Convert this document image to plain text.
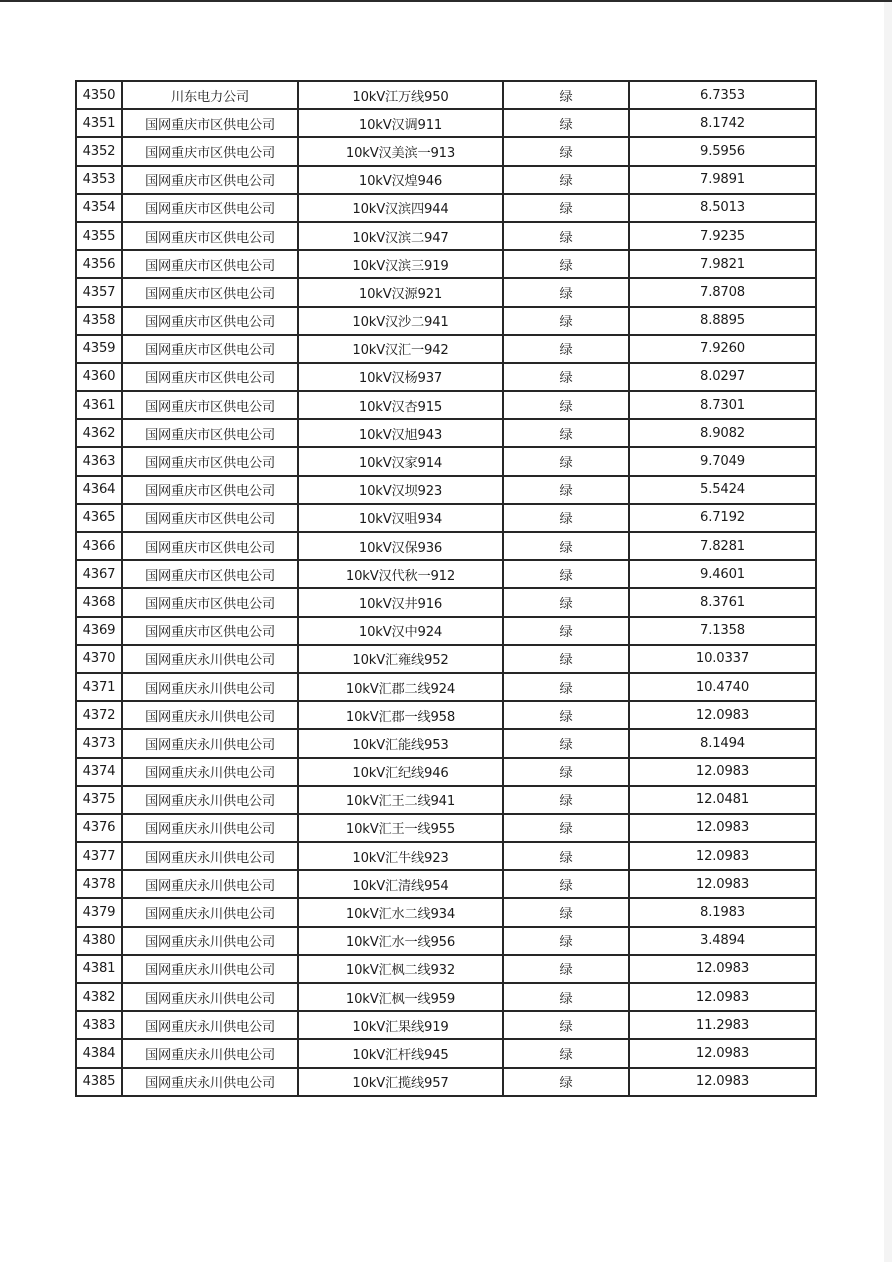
4350	川东电力公司	10kV江万线950	绿	6.7353
4351	国网重庆市区供电公司	10kV汉调911	绿	8.1742
4352	国网重庆市区供电公司	10kV汉美滨一913	绿	9.5956
4353	国网重庆市区供电公司	10kV汉煌946	绿	7.9891
4354	国网重庆市区供电公司	10kV汉滨四944	绿	8.5013
4355	国网重庆市区供电公司	10kV汉滨二947	绿	7.9235
4356	国网重庆市区供电公司	10kV汉滨三919	绿	7.9821
4357	国网重庆市区供电公司	10kV汉源921	绿	7.8708
4358	国网重庆市区供电公司	10kV汉沙二941	绿	8.8895
4359	国网重庆市区供电公司	10kV汉汇一942	绿	7.9260
4360	国网重庆市区供电公司	10kV汉杨937	绿	8.0297
4361	国网重庆市区供电公司	10kV汉杏915	绿	8.7301
4362	国网重庆市区供电公司	10kV汉旭943	绿	8.9082
4363	国网重庆市区供电公司	10kV汉家914	绿	9.7049
4364	国网重庆市区供电公司	10kV汉坝923	绿	5.5424
4365	国网重庆市区供电公司	10kV汉咀934	绿	6.7192
4366	国网重庆市区供电公司	10kV汉保936	绿	7.8281
4367	国网重庆市区供电公司	10kV汉代秋一912	绿	9.4601
4368	国网重庆市区供电公司	10kV汉井916	绿	8.3761
4369	国网重庆市区供电公司	10kV汉中924	绿	7.1358
4370	国网重庆永川供电公司	10kV汇雍线952	绿	10.0337
4371	国网重庆永川供电公司	10kV汇郡二线924	绿	10.4740
4372	国网重庆永川供电公司	10kV汇郡一线958	绿	12.0983
4373	国网重庆永川供电公司	10kV汇能线953	绿	8.1494
4374	国网重庆永川供电公司	10kV汇纪线946	绿	12.0983
4375	国网重庆永川供电公司	10kV汇王二线941	绿	12.0481
4376	国网重庆永川供电公司	10kV汇王一线955	绿	12.0983
4377	国网重庆永川供电公司	10kV汇牛线923	绿	12.0983
4378	国网重庆永川供电公司	10kV汇清线954	绿	12.0983
4379	国网重庆永川供电公司	10kV汇水二线934	绿	8.1983
4380	国网重庆永川供电公司	10kV汇水一线956	绿	3.4894
4381	国网重庆永川供电公司	10kV汇枫二线932	绿	12.0983
4382	国网重庆永川供电公司	10kV汇枫一线959	绿	12.0983
4383	国网重庆永川供电公司	10kV汇果线919	绿	11.2983
4384	国网重庆永川供电公司	10kV汇杆线945	绿	12.0983
4385	国网重庆永川供电公司	10kV汇揽线957	绿	12.0983
